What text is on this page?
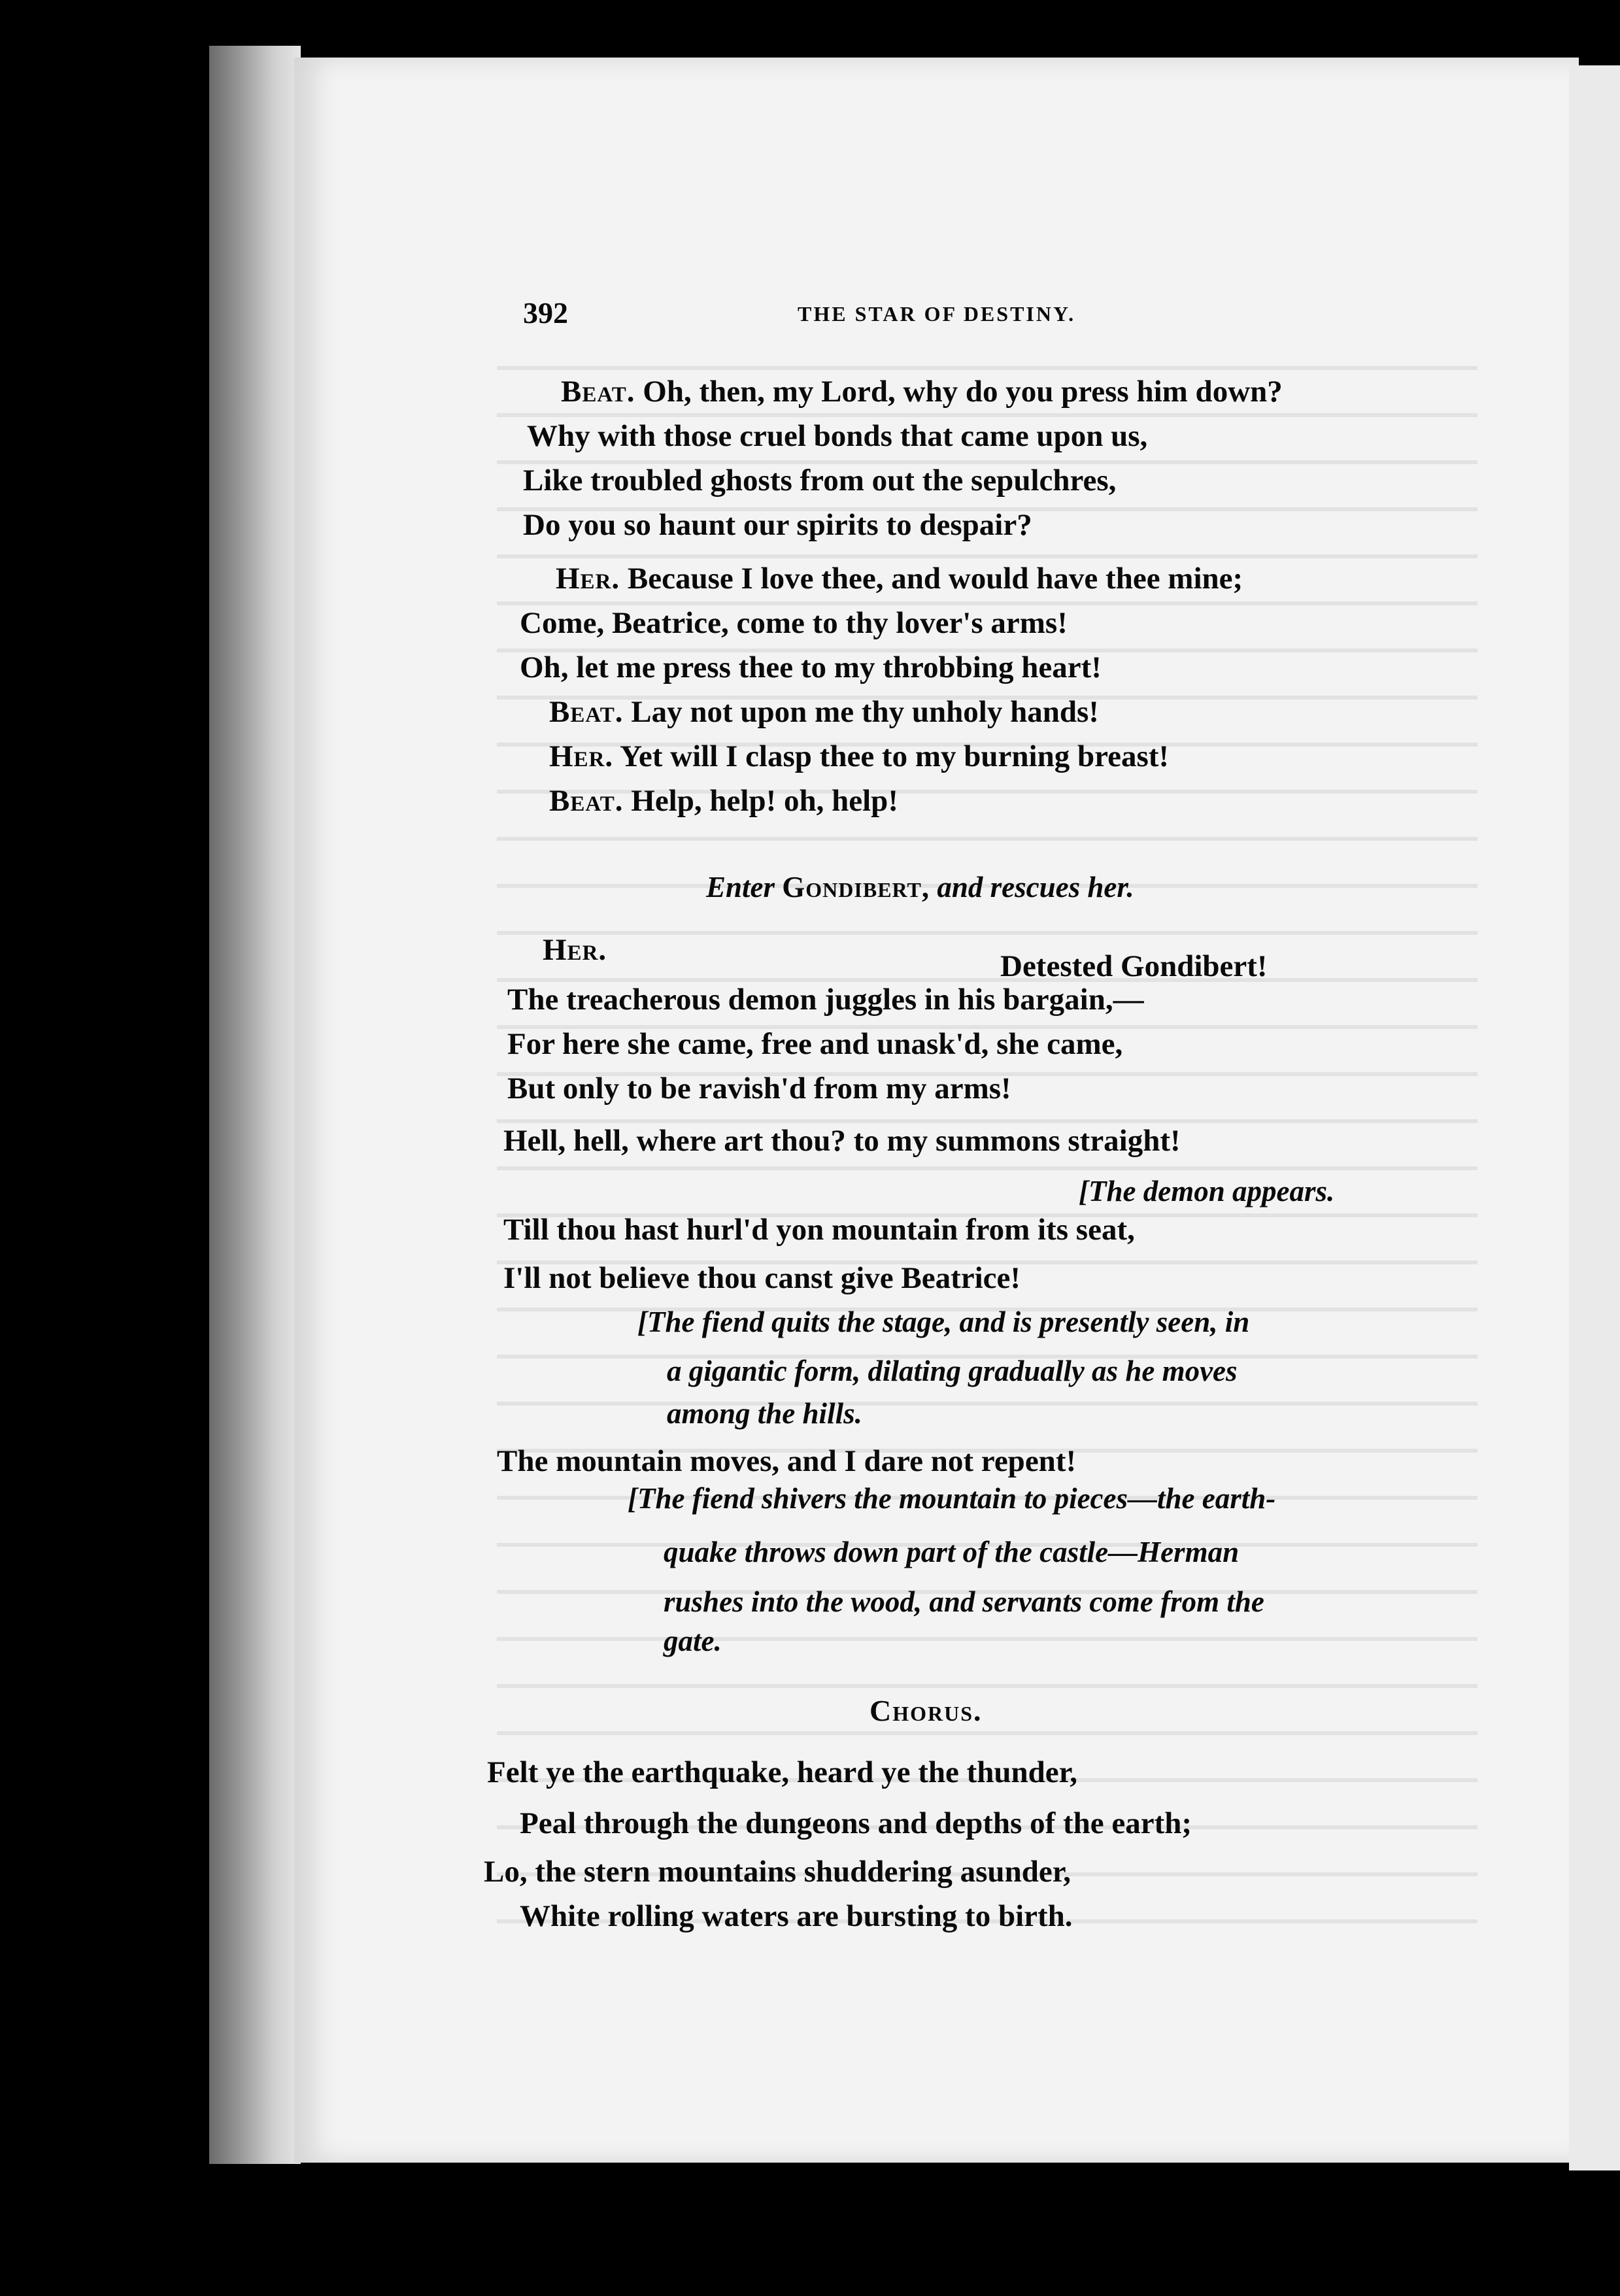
392	THE STAR OF DESTINY.
Beat. Oh, then, my Lord, why do you press him down?
Why with those cruel bonds that came upon us,
Like troubled ghosts from out the sepulchres,
Do you so haunt our spirits to despair?
Her. Because I love thee, and would have thee mine;
Come, Beatrice, come to thy lover's arms!
Oh, let me press thee to my throbbing heart!
Beat. Lay not upon me thy unholy hands!
Her. Yet will I clasp thee to my burning breast!
Beat. Help, help! oh, help!
Enter Gondibert, and rescues her.
Her.	Detested Gondibert!
The treacherous demon juggles in his bargain,—
For here she came, free and unask'd, she came,
But only to be ravish'd from my arms!
Hell, hell, where art thou? to my summons straight!
[The demon appears.
Till thou hast hurl'd yon mountain from its seat,
I'll not believe thou canst give Beatrice!
[The fiend quits the stage, and is presently seen, in
a gigantic form, dilating gradually as he moves
among the hills.
The mountain moves, and I dare not repent!
[The fiend shivers the mountain to pieces—the earth-
quake throws down part of the castle—Herman
rushes into the wood, and servants come from the
gate.
Chorus.
Felt ye the earthquake, heard ye the thunder,
Peal through the dungeons and depths of the earth;
Lo, the stern mountains shuddering asunder,
White rolling waters are bursting to birth.
